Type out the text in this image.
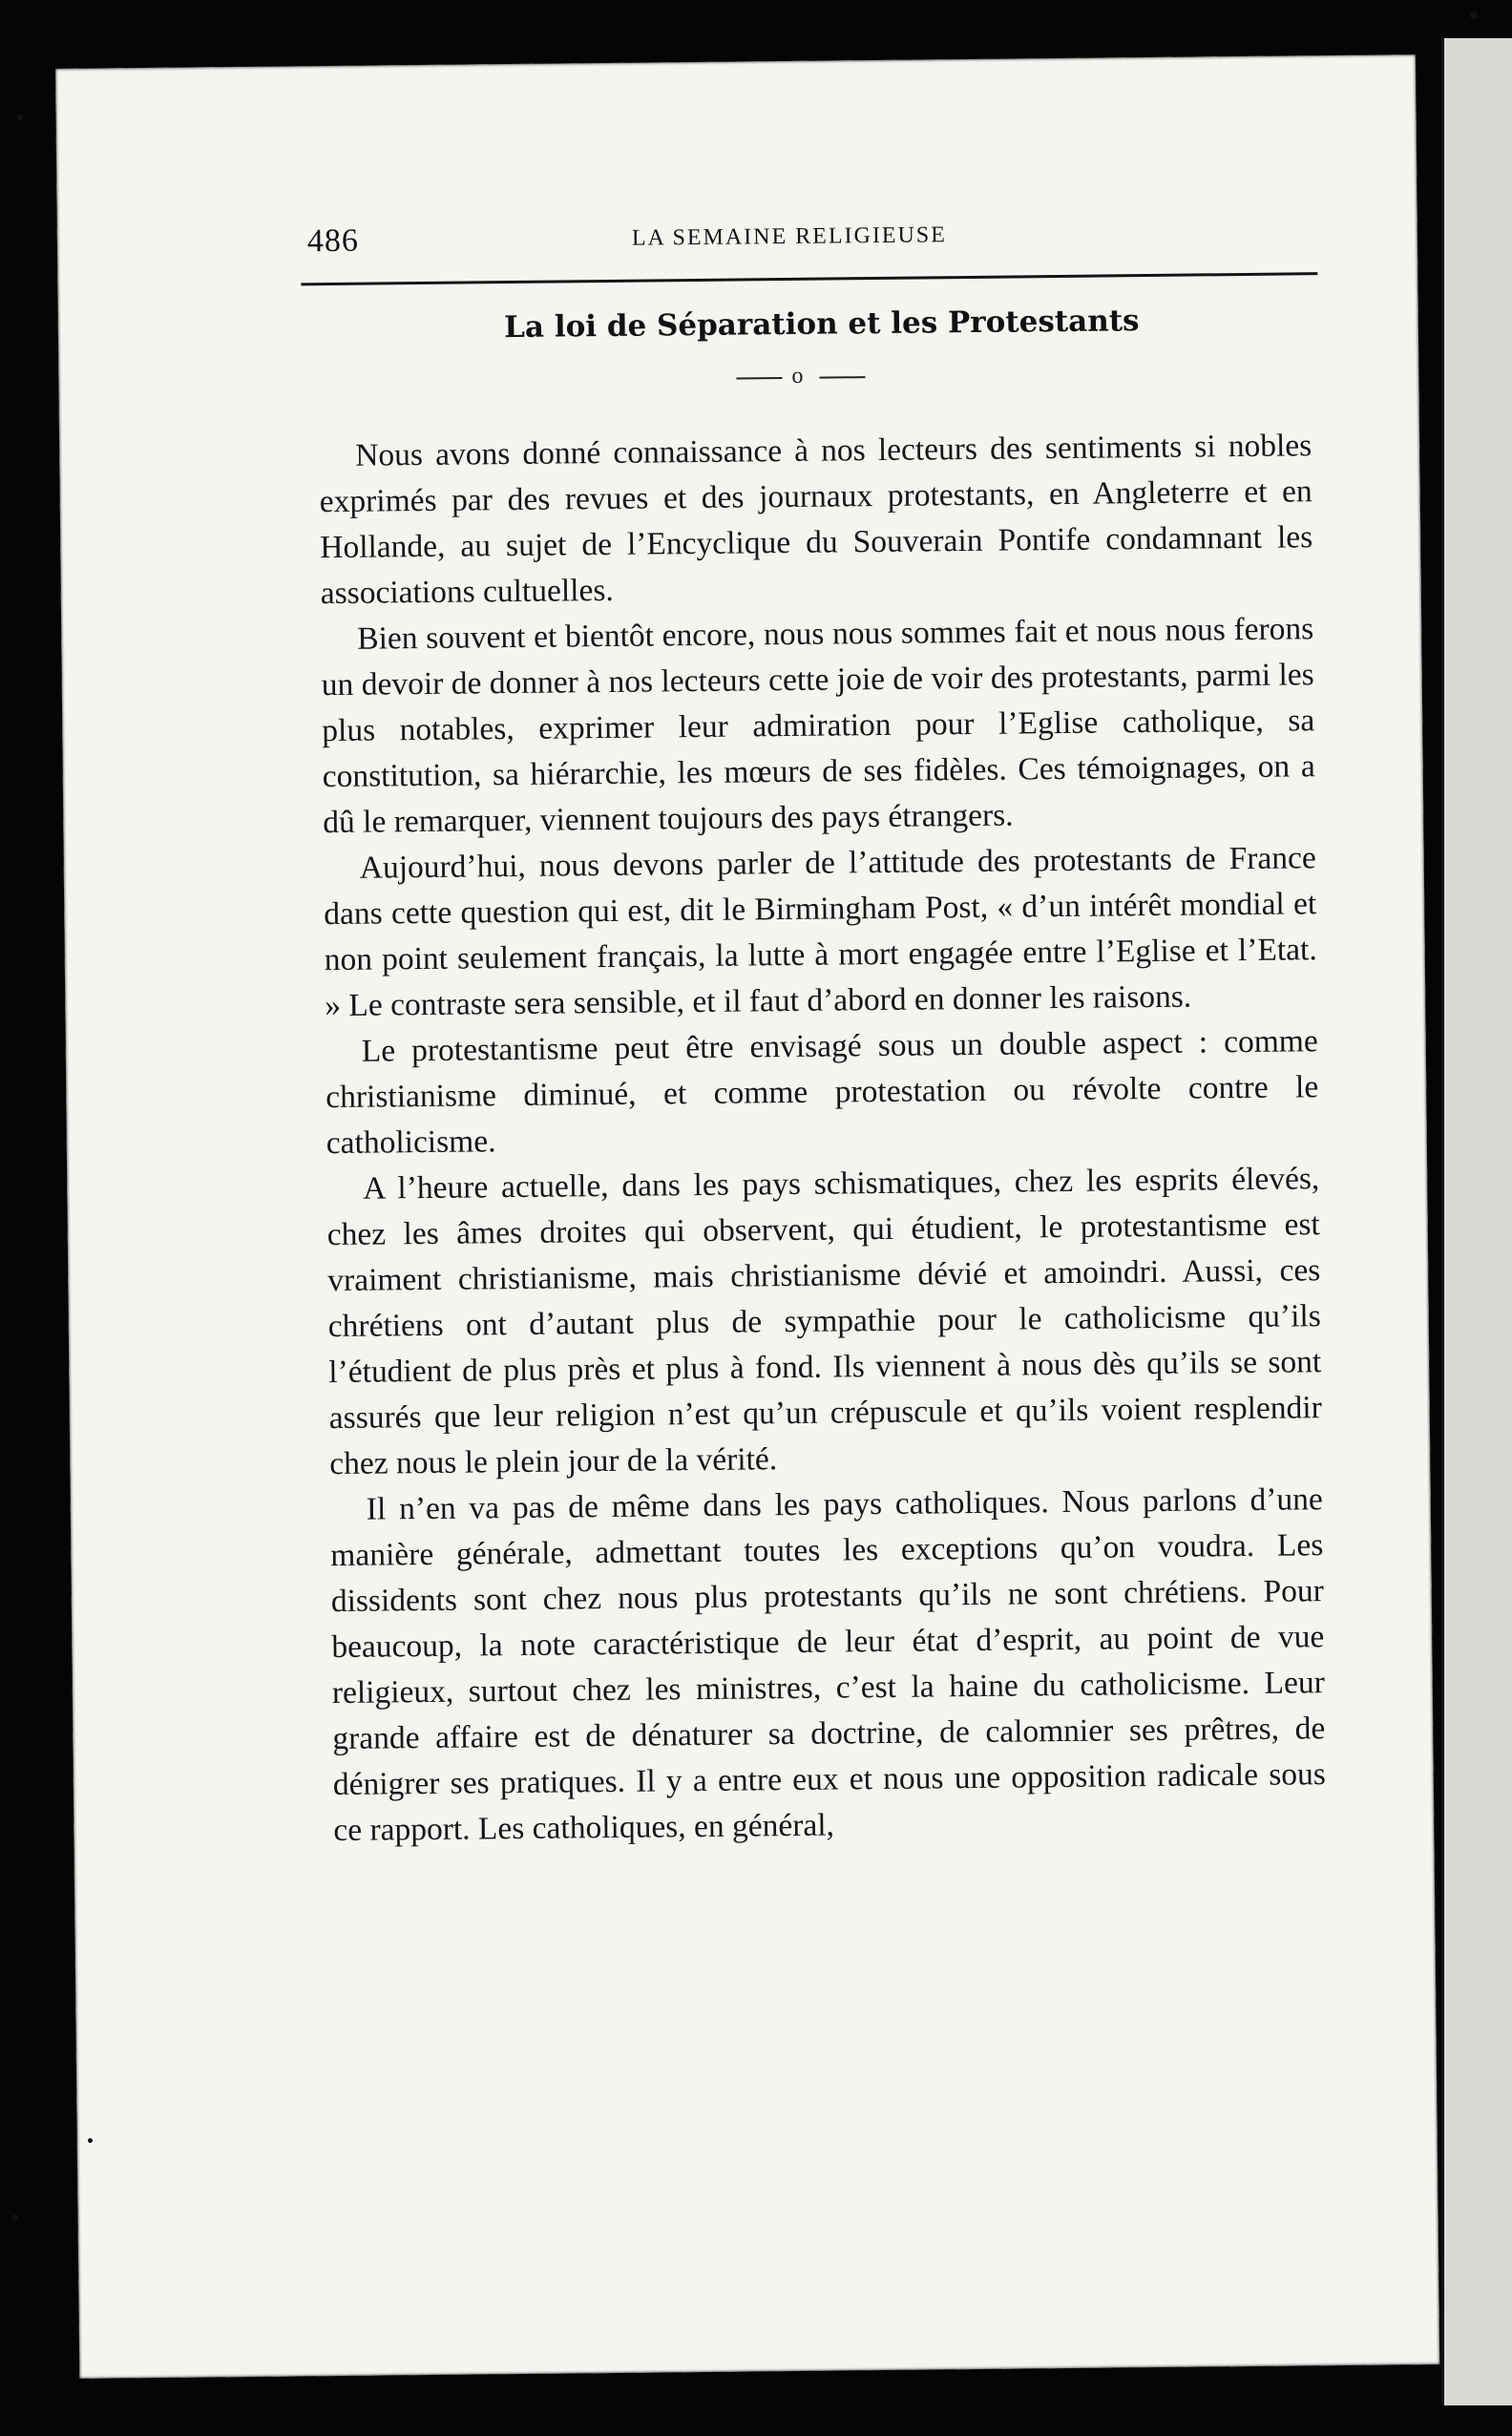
486	LA SEMAINE RELIGIEUSE
La loi de Séparation et les Protestants
o

Nous avons donné connaissance à nos lecteurs des sentiments si nobles exprimés par des revues et des journaux protestants, en Angleterre et en Hollande, au sujet de l’Encyclique du Souverain Pontife condamnant les associations cultuelles.

Bien souvent et bientôt encore, nous nous sommes fait et nous nous ferons un devoir de donner à nos lecteurs cette joie de voir des protestants, parmi les plus notables, exprimer leur admiration pour l’Eglise catholique, sa constitution, sa hiérarchie, les mœurs de ses fidèles. Ces témoignages, on a dû le remarquer, viennent toujours des pays étrangers.

Aujourd’hui, nous devons parler de l’attitude des protestants de France dans cette question qui est, dit le Birmingham Post, « d’un intérêt mondial et non point seulement français, la lutte à mort engagée entre l’Eglise et l’Etat. » Le contraste sera sensible, et il faut d’abord en donner les raisons.

Le protestantisme peut être envisagé sous un double aspect : comme christianisme diminué, et comme protestation ou révolte contre le catholicisme.

A l’heure actuelle, dans les pays schismatiques, chez les esprits élevés, chez les âmes droites qui observent, qui étudient, le protestantisme est vraiment christianisme, mais christianisme dévié et amoindri. Aussi, ces chrétiens ont d’autant plus de sympathie pour le catholicisme qu’ils l’étudient de plus près et plus à fond. Ils viennent à nous dès qu’ils se sont assurés que leur religion n’est qu’un crépuscule et qu’ils voient resplendir chez nous le plein jour de la vérité.

Il n’en va pas de même dans les pays catholiques. Nous parlons d’une manière générale, admettant toutes les exceptions qu’on voudra. Les dissidents sont chez nous plus protestants qu’ils ne sont chrétiens. Pour beaucoup, la note caractéristique de leur état d’esprit, au point de vue religieux, surtout chez les ministres, c’est la haine du catholicisme. Leur grande affaire est de dénaturer sa doctrine, de calomnier ses prêtres, de dénigrer ses pratiques. Il y a entre eux et nous une opposition radicale sous ce rapport. Les catholiques, en général,
